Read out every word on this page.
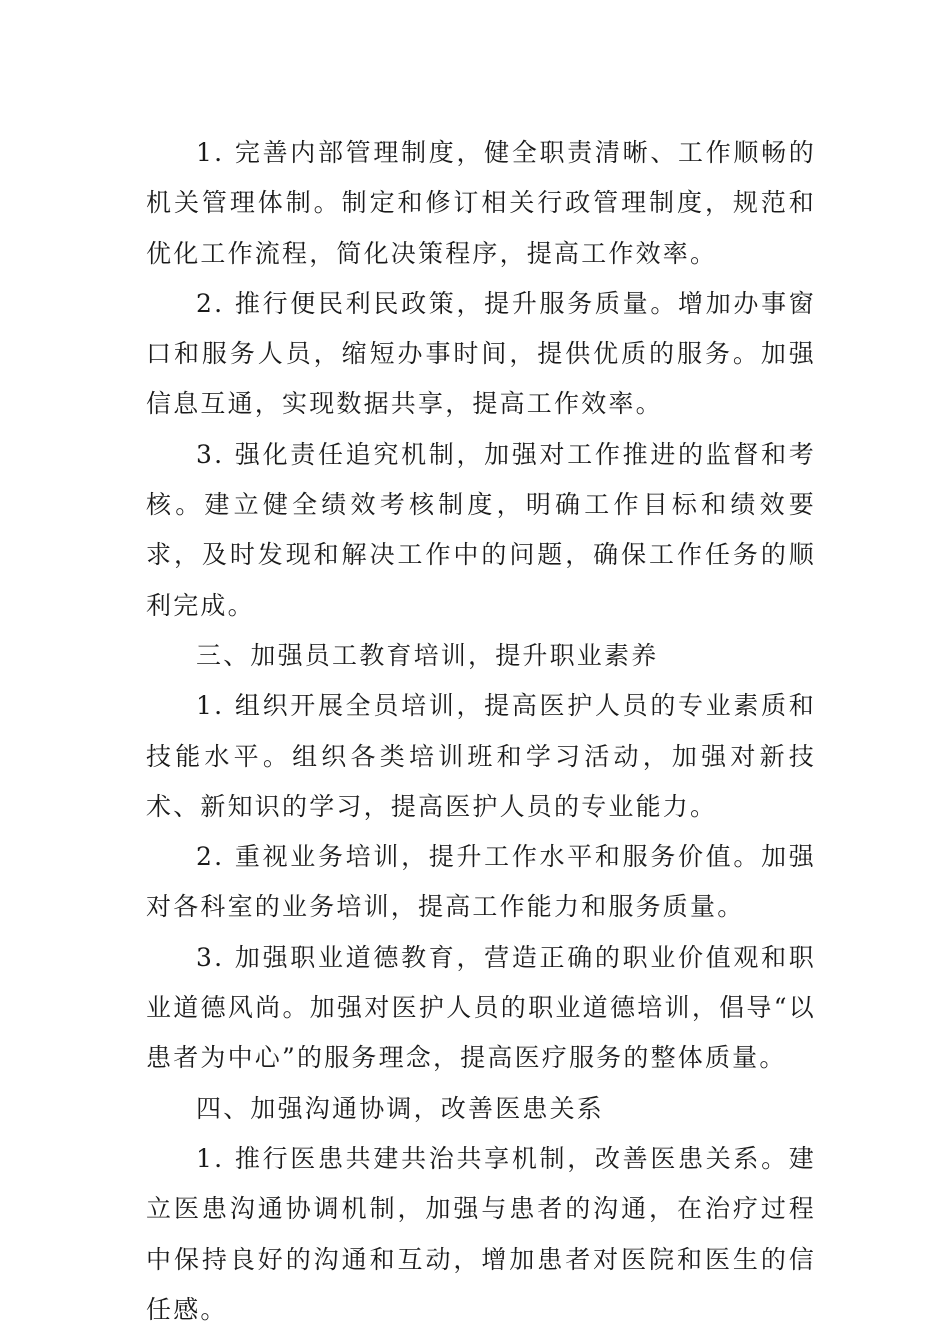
1. 完善内部管理制度，健全职责清晰、工作顺畅的机关管理体制。制定和修订相关行政管理制度，规范和优化工作流程，简化决策程序，提高工作效率。

2. 推行便民利民政策，提升服务质量。增加办事窗口和服务人员，缩短办事时间，提供优质的服务。加强信息互通，实现数据共享，提高工作效率。

3. 强化责任追究机制，加强对工作推进的监督和考核。建立健全绩效考核制度，明确工作目标和绩效要求，及时发现和解决工作中的问题，确保工作任务的顺利完成。

三、加强员工教育培训，提升职业素养

1. 组织开展全员培训，提高医护人员的专业素质和技能水平。组织各类培训班和学习活动，加强对新技术、新知识的学习，提高医护人员的专业能力。

2. 重视业务培训，提升工作水平和服务价值。加强对各科室的业务培训，提高工作能力和服务质量。

3. 加强职业道德教育，营造正确的职业价值观和职业道德风尚。加强对医护人员的职业道德培训，倡导“以患者为中心”的服务理念，提高医疗服务的整体质量。

四、加强沟通协调，改善医患关系

1. 推行医患共建共治共享机制，改善医患关系。建立医患沟通协调机制，加强与患者的沟通，在治疗过程中保持良好的沟通和互动，增加患者对医院和医生的信任感。
